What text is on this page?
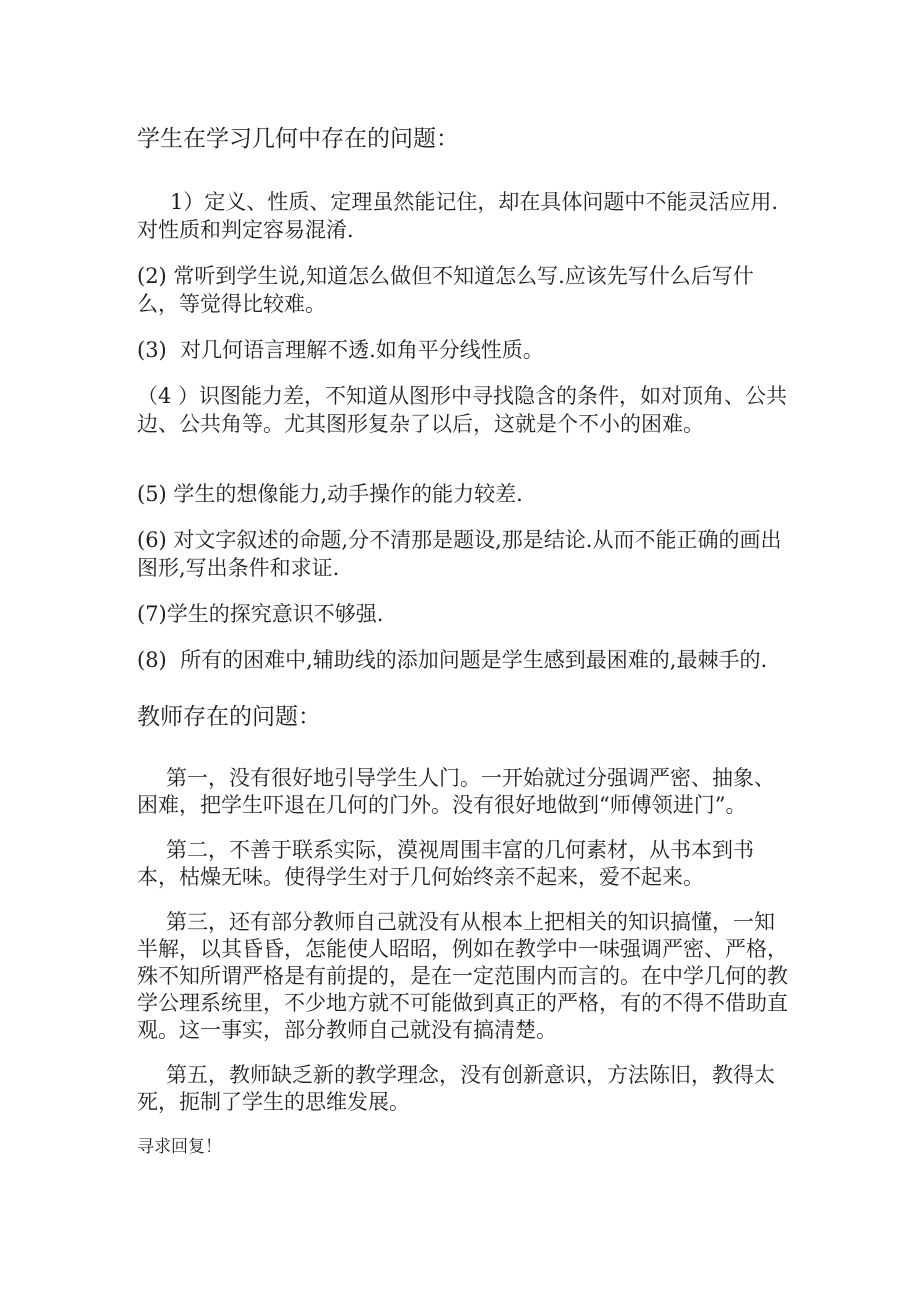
学生在学习几何中存在的问题：

1）定义、性质、定理虽然能记住，却在具体问题中不能灵活应用.对性质和判定容易混淆.

(2) 常听到学生说,知道怎么做但不知道怎么写.应该先写什么后写什么，等觉得比较难。

(3)  对几何语言理解不透.如角平分线性质。

（4 ）识图能力差，不知道从图形中寻找隐含的条件，如对顶角、公共边、公共角等。尤其图形复杂了以后，这就是个不小的困难。

(5) 学生的想像能力,动手操作的能力较差.

(6) 对文字叙述的命题,分不清那是题设,那是结论.从而不能正确的画出图形,写出条件和求证.

(7)学生的探究意识不够强.

(8)  所有的困难中,辅助线的添加问题是学生感到最困难的,最棘手的.

教师存在的问题：

第一，没有很好地引导学生人门。一开始就过分强调严密、抽象、困难，把学生吓退在几何的门外。没有很好地做到“师傅领进门”。

第二，不善于联系实际，漠视周围丰富的几何素材，从书本到书本，枯燥无味。使得学生对于几何始终亲不起来，爱不起来。

第三，还有部分教师自己就没有从根本上把相关的知识搞懂，一知半解，以其昏昏，怎能使人昭昭，例如在教学中一味强调严密、严格，殊不知所谓严格是有前提的，是在一定范围内而言的。在中学几何的教学公理系统里，不少地方就不可能做到真正的严格，有的不得不借助直观。这一事实，部分教师自己就没有搞清楚。

第五，教师缺乏新的教学理念，没有创新意识，方法陈旧，教得太死，扼制了学生的思维发展。

寻求回复！
